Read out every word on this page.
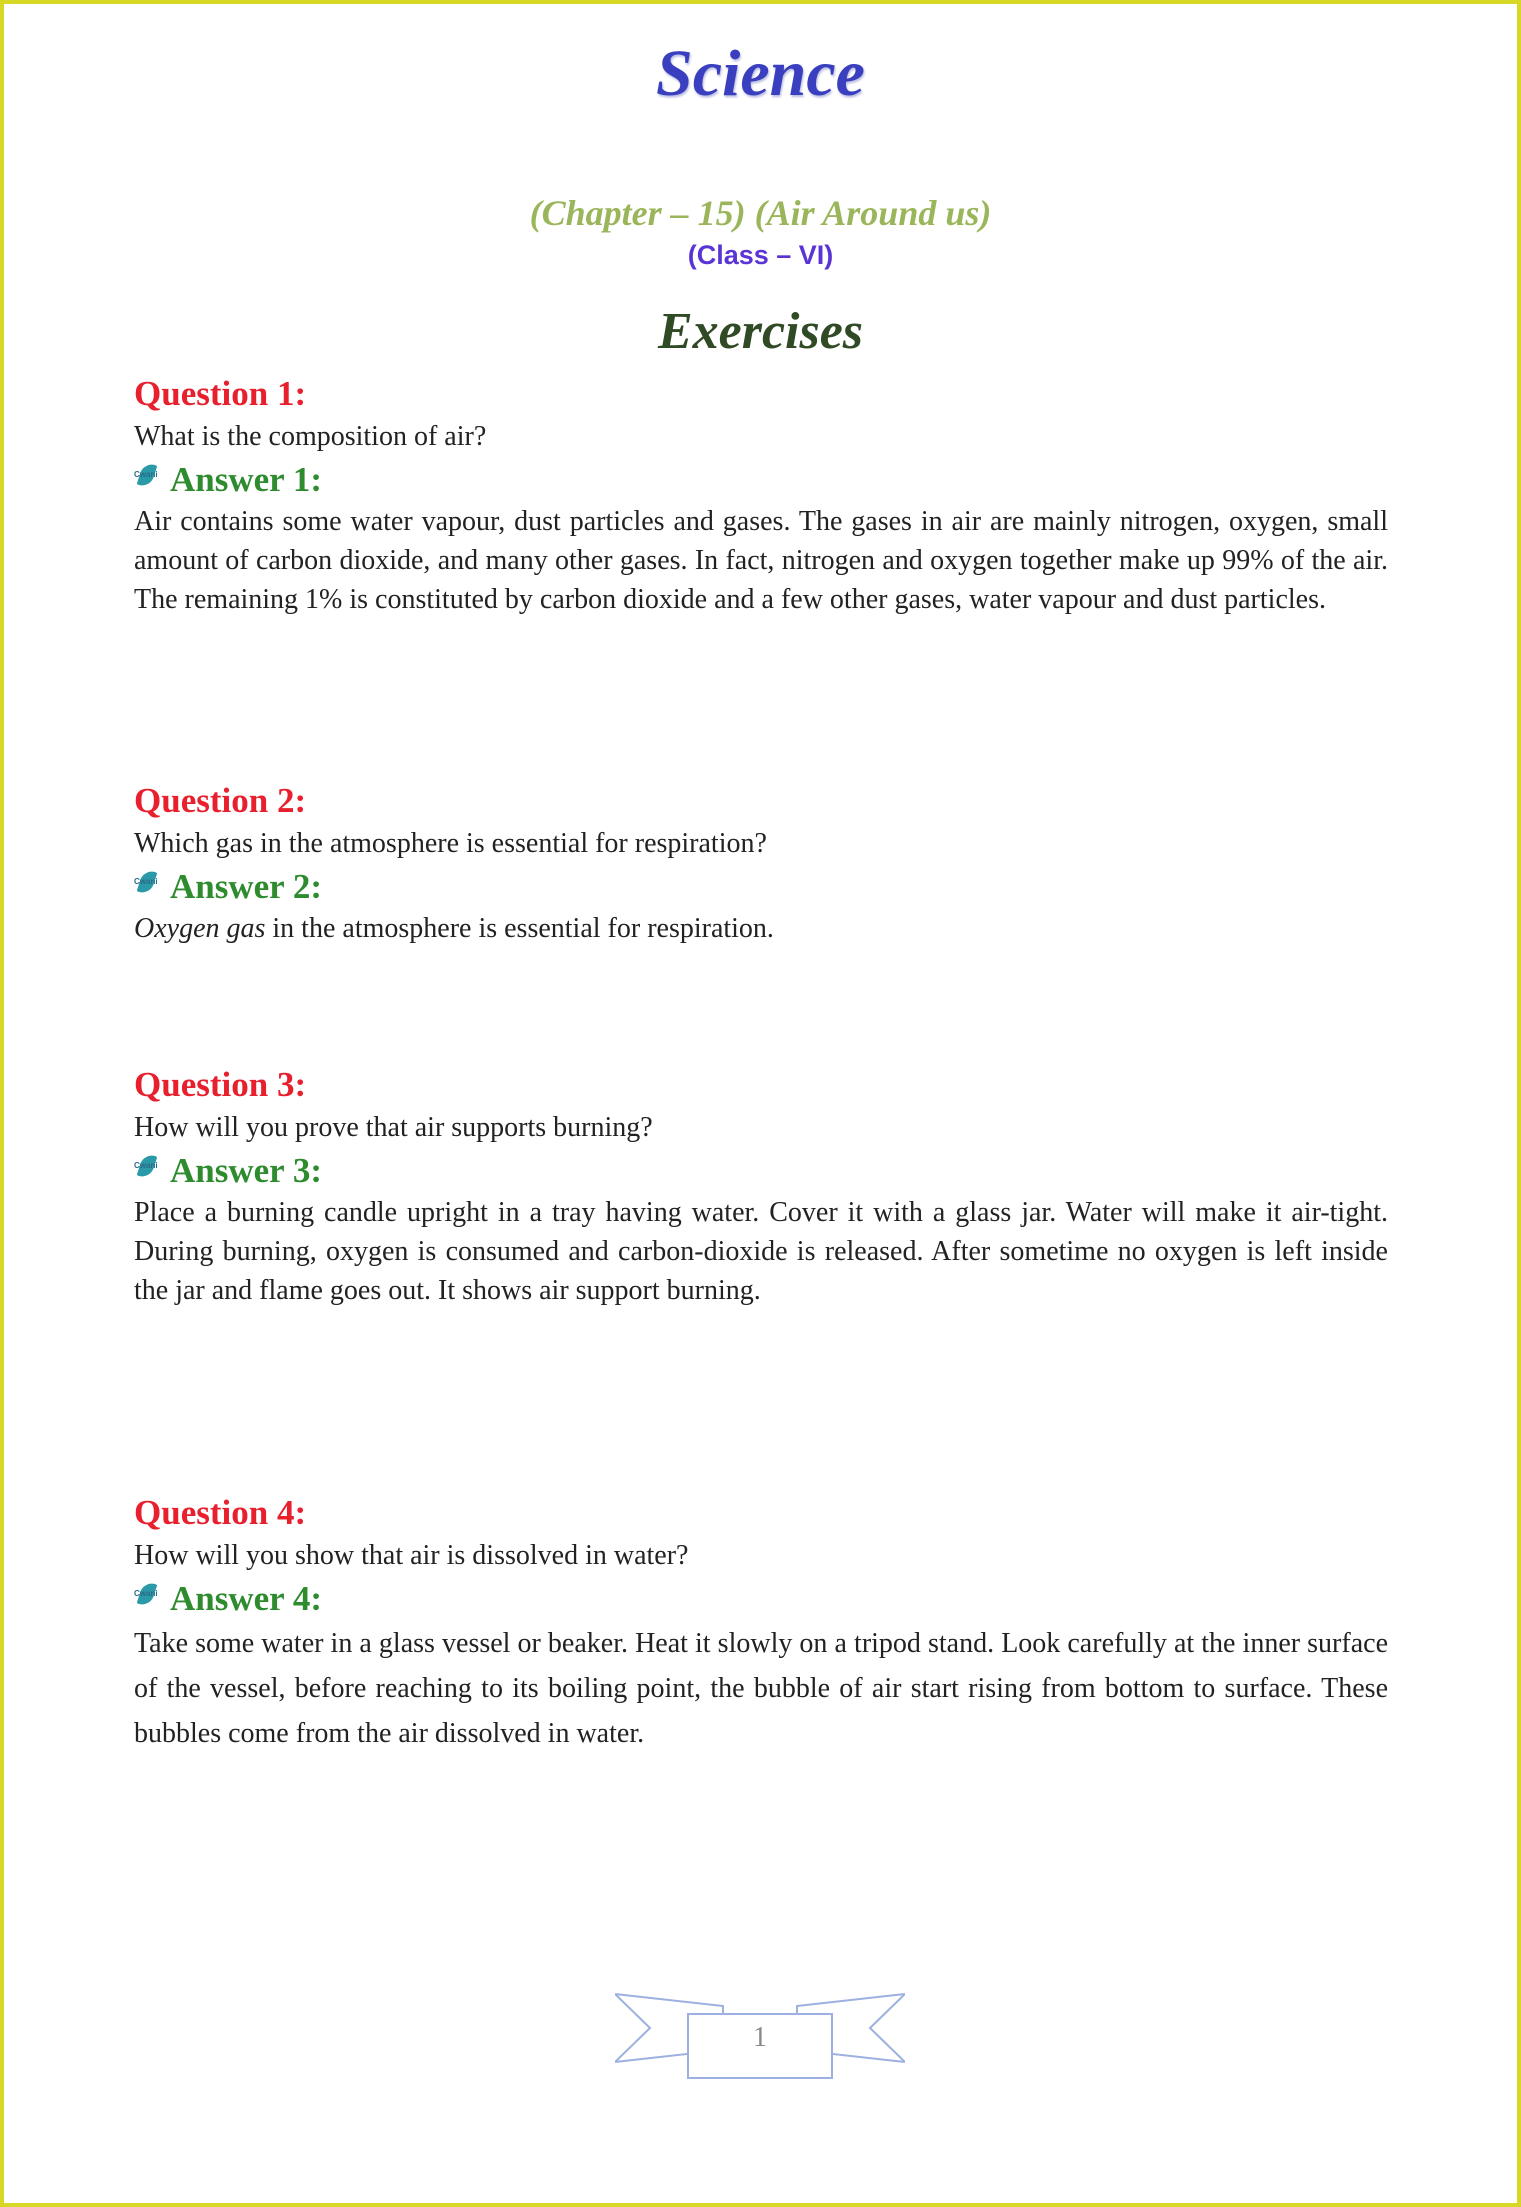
Science
(Chapter – 15) (Air Around us)
(Class – VI)
Exercises
Question 1:
What is the composition of air?
Cwani
Answer 1:
Air contains some water vapour, dust particles and gases. The gases in air are mainly nitrogen, oxygen, small amount of carbon dioxide, and many other gases. In fact, nitrogen and oxygen together make up 99% of the air. The remaining 1% is constituted by carbon dioxide and a few other gases, water vapour and dust particles.
Question 2:
Which gas in the atmosphere is essential for respiration?
Cwani
Answer 2:
Oxygen gas in the atmosphere is essential for respiration.
Question 3:
How will you prove that air supports burning?
Cwani
Answer 3:
Place a burning candle upright in a tray having water. Cover it with a glass jar. Water will make it air-tight. During burning, oxygen is consumed and carbon-dioxide is released. After sometime no oxygen is left inside the jar and flame goes out. It shows air support burning.
Question 4:
How will you show that air is dissolved in water?
Cwani
Answer 4:
Take some water in a glass vessel or beaker. Heat it slowly on a tripod stand. Look carefully at the inner surface of the vessel, before reaching to its boiling point, the bubble of air start rising from bottom to surface. These bubbles come from the air dissolved in water.
1
